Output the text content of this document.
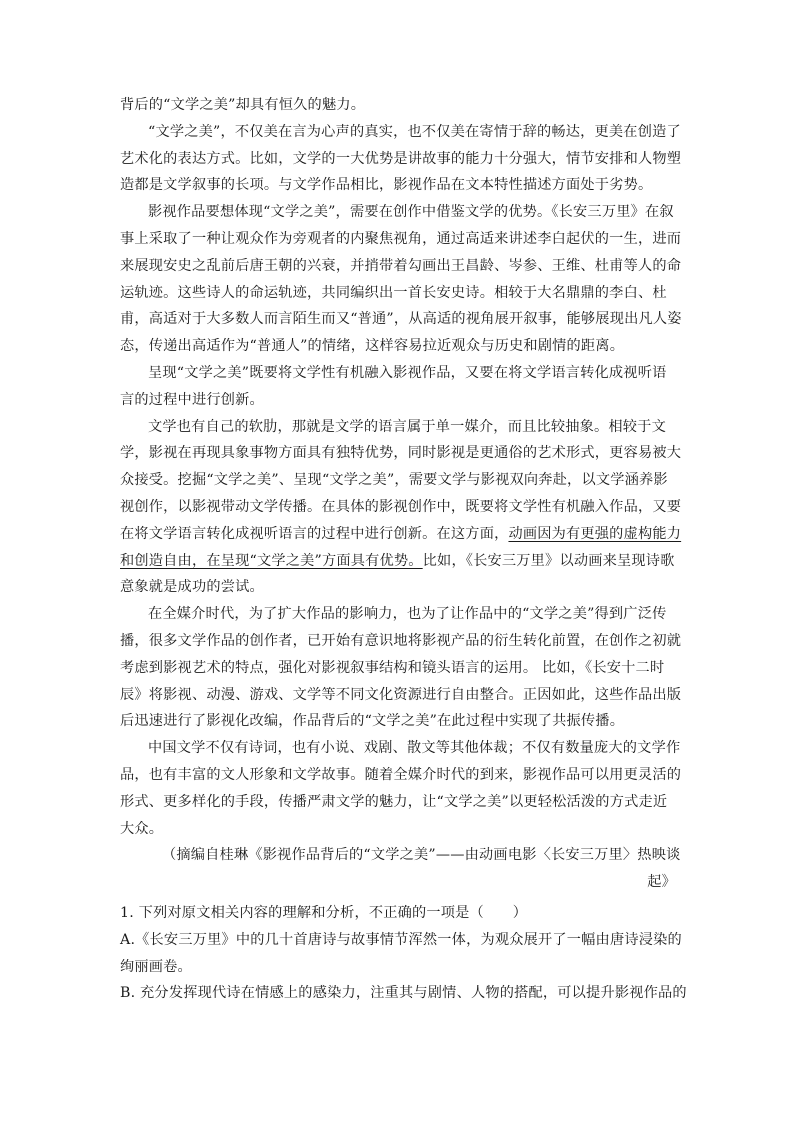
背后的“文学之美”却具有恒久的魅力。
“文学之美”，不仅美在言为心声的真实，也不仅美在寄情于辞的畅达，更美在创造了
艺术化的表达方式。比如，文学的一大优势是讲故事的能力十分强大，情节安排和人物塑
造都是文学叙事的长项。与文学作品相比，影视作品在文本特性描述方面处于劣势。
影视作品要想体现“文学之美”，需要在创作中借鉴文学的优势。《长安三万里》在叙
事上采取了一种让观众作为旁观者的内聚焦视角，通过高适来讲述李白起伏的一生，进而
来展现安史之乱前后唐王朝的兴衰，并捎带着勾画出王昌龄、岑参、王维、杜甫等人的命
运轨迹。这些诗人的命运轨迹，共同编织出一首长安史诗。相较于大名鼎鼎的李白、杜
甫，高适对于大多数人而言陌生而又“普通”，从高适的视角展开叙事，能够展现出凡人姿
态，传递出高适作为“普通人”的情绪，这样容易拉近观众与历史和剧情的距离。
呈现“文学之美”既要将文学性有机融入影视作品，又要在将文学语言转化成视听语
言的过程中进行创新。
文学也有自己的软肋，那就是文学的语言属于单一媒介，而且比较抽象。相较于文
学，影视在再现具象事物方面具有独特优势，同时影视是更通俗的艺术形式，更容易被大
众接受。挖掘“文学之美”、呈现“文学之美”，需要文学与影视双向奔赴，以文学涵养影
视创作，以影视带动文学传播。在具体的影视创作中，既要将文学性有机融入作品，又要
在将文学语言转化成视听语言的过程中进行创新。在这方面，动画因为有更强的虚构能力
和创造自由，在呈现“文学之美”方面具有优势。比如，《长安三万里》以动画来呈现诗歌
意象就是成功的尝试。
在全媒介时代，为了扩大作品的影响力，也为了让作品中的“文学之美”得到广泛传
播，很多文学作品的创作者，已开始有意识地将影视产品的衍生转化前置，在创作之初就
考虑到影视艺术的特点，强化对影视叙事结构和镜头语言的运用。 比如，《长安十二时
辰》将影视、动漫、游戏、文学等不同文化资源进行自由整合。正因如此，这些作品出版
后迅速进行了影视化改编，作品背后的“文学之美”在此过程中实现了共振传播。
中国文学不仅有诗词，也有小说、戏剧、散文等其他体裁；不仅有数量庞大的文学作
品，也有丰富的文人形象和文学故事。随着全媒介时代的到来，影视作品可以用更灵活的
形式、更多样化的手段，传播严肃文学的魅力，让“文学之美”以更轻松活泼的方式走近
大众。
（摘编自桂琳《影视作品背后的“文学之美”——由动画电影〈长安三万里〉热映谈
起》
1. 下列对原文相关内容的理解和分析，不正确的一项是（　　）
A.《长安三万里》中的几十首唐诗与故事情节浑然一体，为观众展开了一幅由唐诗浸染的
绚丽画卷。
B. 充分发挥现代诗在情感上的感染力，注重其与剧情、人物的搭配，可以提升影视作品的
